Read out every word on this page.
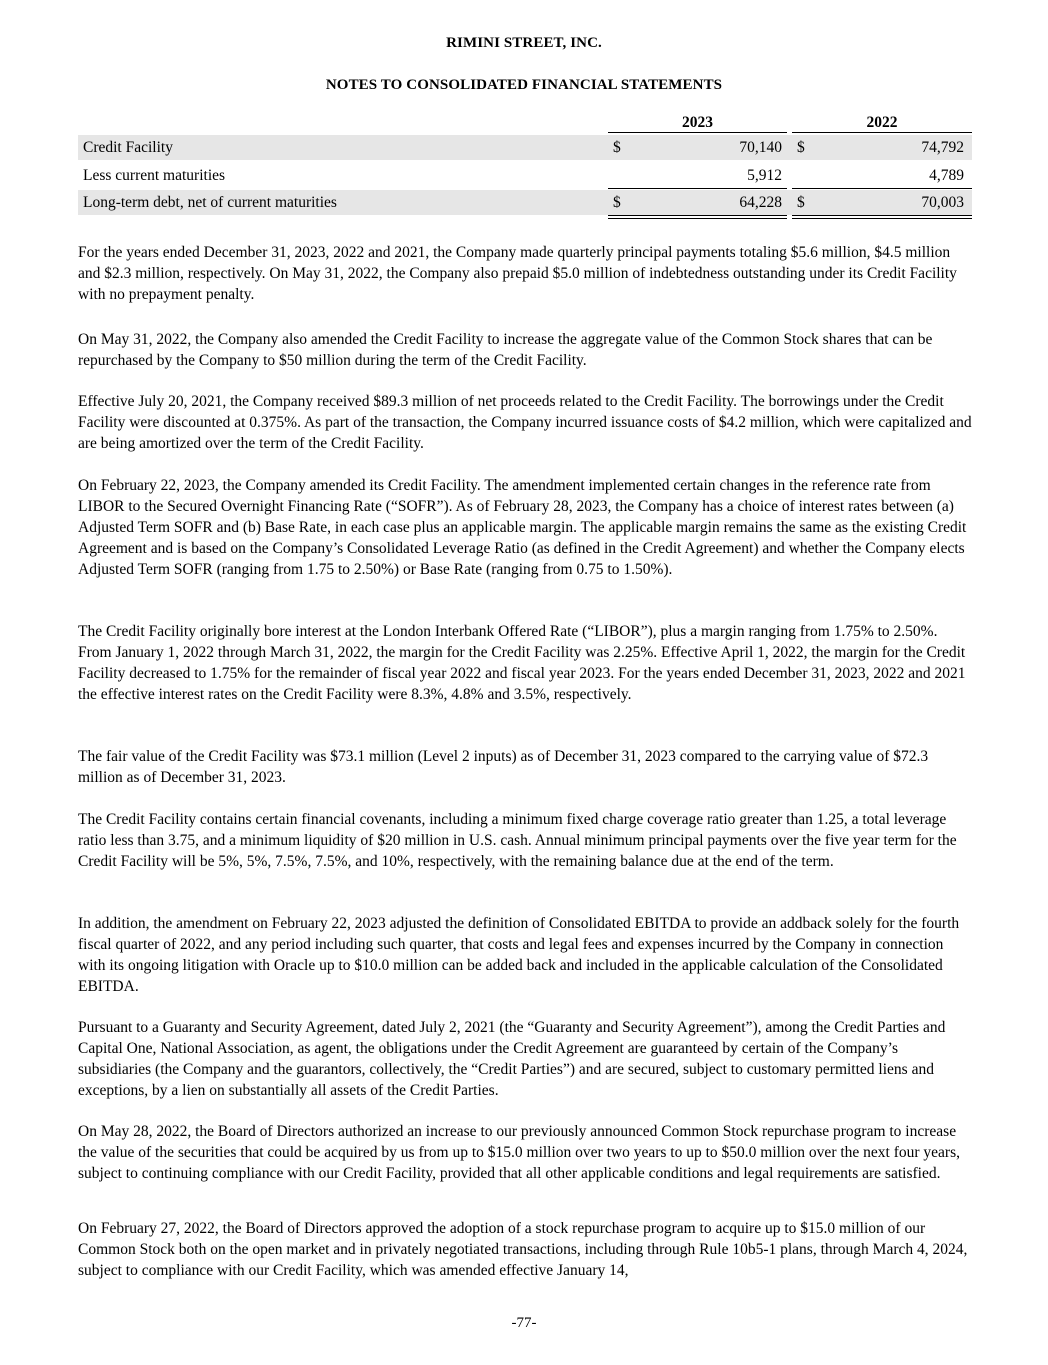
RIMINI STREET, INC.
NOTES TO CONSOLIDATED FINANCIAL STATEMENTS
2023	2022
Credit Facility	$	70,140 $	74,792
Less current maturities	5,912	4,789
Long-term debt, net of current maturities	$	64,228 $	70,003

For the years ended December 31, 2023, 2022 and 2021, the Company made quarterly principal payments totaling $5.6 million, $4.5 million and $2.3 million, respectively. On May 31, 2022, the Company also prepaid $5.0 million of indebtedness outstanding under its Credit Facility with no prepayment penalty.

On May 31, 2022, the Company also amended the Credit Facility to increase the aggregate value of the Common Stock shares that can be repurchased by the Company to $50 million during the term of the Credit Facility.

Effective July 20, 2021, the Company received $89.3 million of net proceeds related to the Credit Facility. The borrowings under the Credit Facility were discounted at 0.375%. As part of the transaction, the Company incurred issuance costs of $4.2 million, which were capitalized and are being amortized over the term of the Credit Facility.

On February 22, 2023, the Company amended its Credit Facility. The amendment implemented certain changes in the reference rate from LIBOR to the Secured Overnight Financing Rate (“SOFR”). As of February 28, 2023, the Company has a choice of interest rates between (a) Adjusted Term SOFR and (b) Base Rate, in each case plus an applicable margin. The applicable margin remains the same as the existing Credit Agreement and is based on the Company’s Consolidated Leverage Ratio (as defined in the Credit Agreement) and whether the Company elects Adjusted Term SOFR (ranging from 1.75 to 2.50%) or Base Rate (ranging from 0.75 to 1.50%).

The Credit Facility originally bore interest at the London Interbank Offered Rate (“LIBOR”), plus a margin ranging from 1.75% to 2.50%. From January 1, 2022 through March 31, 2022, the margin for the Credit Facility was 2.25%. Effective April 1, 2022, the margin for the Credit Facility decreased to 1.75% for the remainder of fiscal year 2022 and fiscal year 2023. For the years ended December 31, 2023, 2022 and 2021 the effective interest rates on the Credit Facility were 8.3%, 4.8% and 3.5%, respectively.

The fair value of the Credit Facility was $73.1 million (Level 2 inputs) as of December 31, 2023 compared to the carrying value of $72.3 million as of December 31, 2023.

The Credit Facility contains certain financial covenants, including a minimum fixed charge coverage ratio greater than 1.25, a total leverage ratio less than 3.75, and a minimum liquidity of $20 million in U.S. cash. Annual minimum principal payments over the five year term for the Credit Facility will be 5%, 5%, 7.5%, 7.5%, and 10%, respectively, with the remaining balance due at the end of the term.

In addition, the amendment on February 22, 2023 adjusted the definition of Consolidated EBITDA to provide an addback solely for the fourth fiscal quarter of 2022, and any period including such quarter, that costs and legal fees and expenses incurred by the Company in connection with its ongoing litigation with Oracle up to $10.0 million can be added back and included in the applicable calculation of the Consolidated EBITDA.

Pursuant to a Guaranty and Security Agreement, dated July 2, 2021 (the “Guaranty and Security Agreement”), among the Credit Parties and Capital One, National Association, as agent, the obligations under the Credit Agreement are guaranteed by certain of the Company’s subsidiaries (the Company and the guarantors, collectively, the “Credit Parties”) and are secured, subject to customary permitted liens and exceptions, by a lien on substantially all assets of the Credit Parties.

On May 28, 2022, the Board of Directors authorized an increase to our previously announced Common Stock repurchase program to increase the value of the securities that could be acquired by us from up to $15.0 million over two years to up to $50.0 million over the next four years, subject to continuing compliance with our Credit Facility, provided that all other applicable conditions and legal requirements are satisfied.

On February 27, 2022, the Board of Directors approved the adoption of a stock repurchase program to acquire up to $15.0 million of our Common Stock both on the open market and in privately negotiated transactions, including through Rule 10b5-1 plans, through March 4, 2024, subject to compliance with our Credit Facility, which was amended effective January 14,

-77-
